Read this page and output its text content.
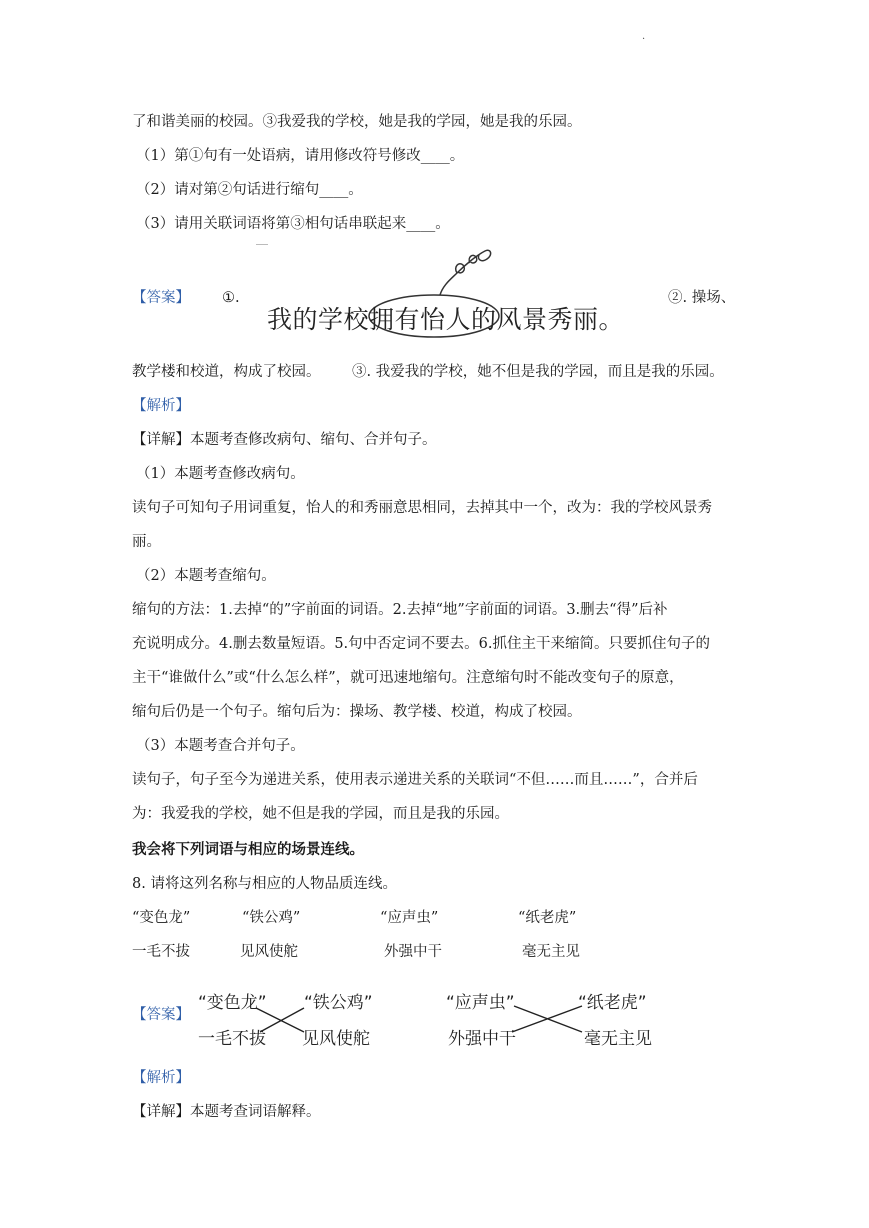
·
了和谐美丽的校园。③我爱我的学校，她是我的学园，她是我的乐园。
（1）第①句有一处语病，请用修改符号修改____。
（2）请对第②句话进行缩句____。
（3）请用关联词语将第③相句话串联起来____。
【答案】 ①.
我的学校拥有怡人的风景秀丽。
②. 操场、
教学楼和校道，构成了校园。 ③. 我爱我的学校，她不但是我的学园，而且是我的乐园。
【解析】
【详解】本题考查修改病句、缩句、合并句子。
（1）本题考查修改病句。
读句子可知句子用词重复，怡人的和秀丽意思相同，去掉其中一个，改为：我的学校风景秀
丽。
（2）本题考查缩句。
缩句的方法：1.去掉“的”字前面的词语。2.去掉“地”字前面的词语。3.删去“得”后补
充说明成分。4.删去数量短语。5.句中否定词不要去。6.抓住主干来缩简。只要抓住句子的
主干“谁做什么”或“什么怎么样”，就可迅速地缩句。注意缩句时不能改变句子的原意，
缩句后仍是一个句子。缩句后为：操场、教学楼、校道，构成了校园。
（3）本题考查合并句子。
读句子，句子至今为递进关系，使用表示递进关系的关联词“不但……而且……”，合并后
为：我爱我的学校，她不但是我的学园，而且是我的乐园。
我会将下列词语与相应的场景连线。
8. 请将这列名称与相应的人物品质连线。
“变色龙”	“铁公鸡”	“应声虫”	“纸老虎”
一毛不拔	见风使舵	外强中干	毫无主见
【答案】
“变色龙” “铁公鸡”	“应声虫”	“纸老虎”
一毛不拔 见风使舵	外强中干	毫无主见
【解析】
【详解】本题考查词语解释。
